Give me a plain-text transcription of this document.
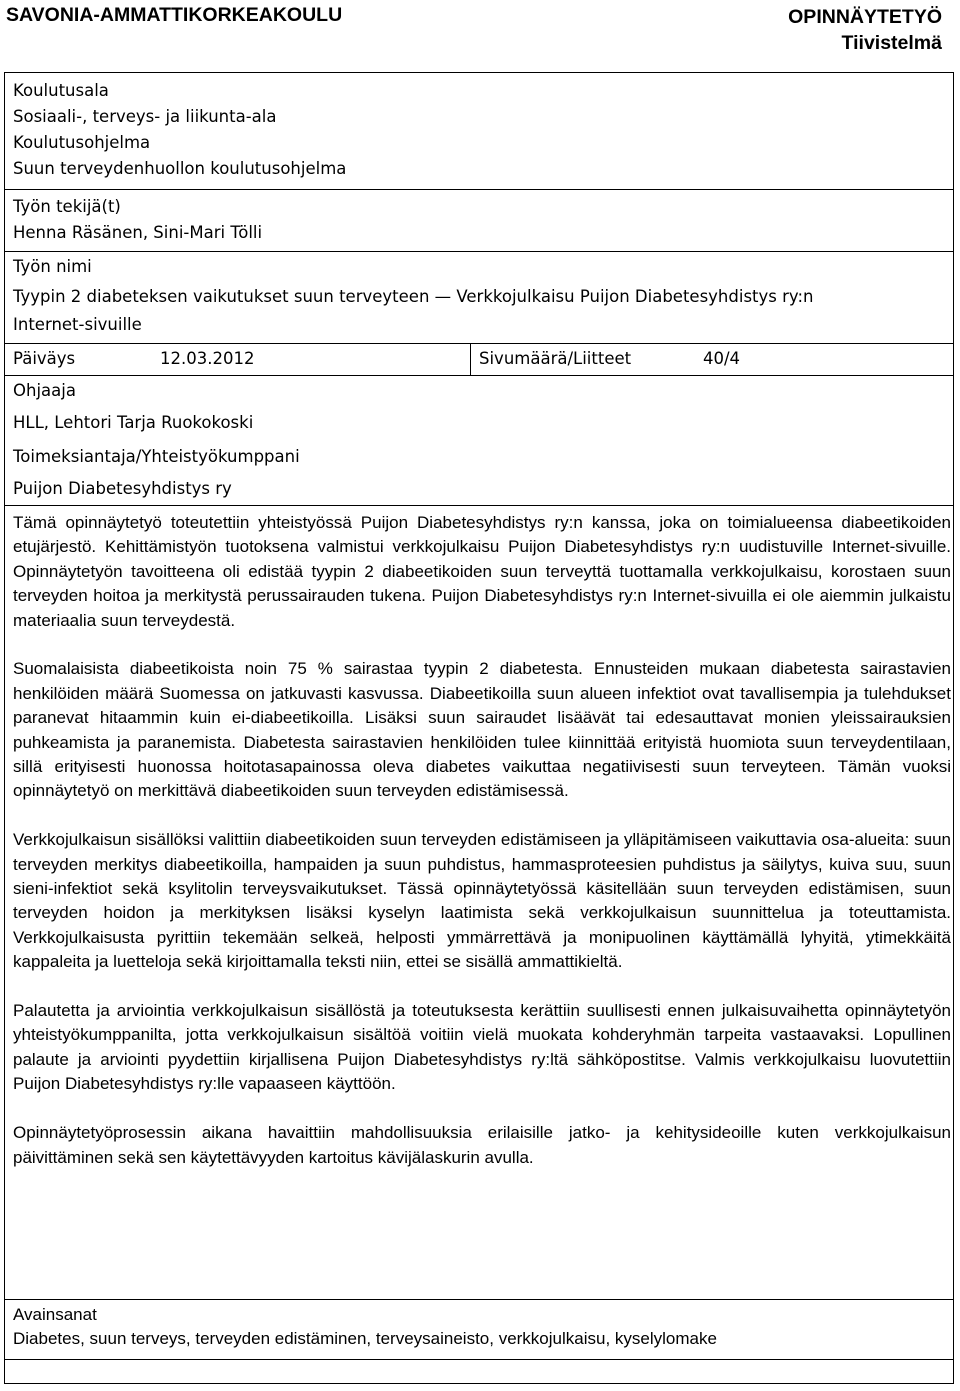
SAVONIA-AMMATTIKORKEAKOULU	OPINNÄYTETYÖ
Tiivistelmä
Koulutusala
Sosiaali-, terveys- ja liikunta-ala
Koulutusohjelma
Suun terveydenhuollon koulutusohjelma
Työn tekijä(t)
Henna Räsänen, Sini-Mari Tölli
Työn nimi
Tyypin 2 diabeteksen vaikutukset suun terveyteen — Verkkojulkaisu Puijon Diabetesyhdistys ry:n
Internet-sivuille
Päiväys	12.03.2012	Sivumäärä/Liitteet	40/4
Ohjaaja
HLL, Lehtori Tarja Ruokokoski
Toimeksiantaja/Yhteistyökumppani
Puijon Diabetesyhdistys ry

Tämä opinnäytetyö toteutettiin yhteistyössä Puijon Diabetesyhdistys ry:n kanssa, joka on toimialueensa diabeetikoiden etujärjestö. Kehittämistyön tuotoksena valmistui verkkojulkaisu Puijon Diabetesyhdistys ry:n uudistuville Internet-sivuille. Opinnäytetyön tavoitteena oli edistää tyypin 2 diabeetikoiden suun terveyttä tuottamalla verkkojulkaisu, korostaen suun terveyden hoitoa ja merkitystä perussairauden tukena. Puijon Diabetesyhdistys ry:n Internet-sivuilla ei ole aiemmin julkaistu materiaalia suun terveydestä.

Suomalaisista diabeetikoista noin 75 % sairastaa tyypin 2 diabetesta. Ennusteiden mukaan diabetesta sairastavien henkilöiden määrä Suomessa on jatkuvasti kasvussa. Diabeetikoilla suun alueen infektiot ovat tavallisempia ja tulehdukset paranevat hitaammin kuin ei-diabeetikoilla. Lisäksi suun sairaudet lisäävät tai edesauttavat monien yleissairauksien puhkeamista ja paranemista. Diabetesta sairastavien henkilöiden tulee kiinnittää erityistä huomiota suun terveydentilaan, sillä erityisesti huonossa hoitotasapainossa oleva diabetes vaikuttaa negatiivisesti suun terveyteen. Tämän vuoksi opinnäytetyö on merkittävä diabeetikoiden suun terveyden edistämisessä.

Verkkojulkaisun sisällöksi valittiin diabeetikoiden suun terveyden edistämiseen ja ylläpitämiseen vaikuttavia osa-alueita: suun terveyden merkitys diabeetikoilla, hampaiden ja suun puhdistus, hammasproteesien puhdistus ja säilytys, kuiva suu, suun sieni-infektiot sekä ksylitolin terveysvaikutukset. Tässä opinnäytetyössä käsitellään suun terveyden edistämisen, suun terveyden hoidon ja merkityksen lisäksi kyselyn laatimista sekä verkkojulkaisun suunnittelua ja toteuttamista. Verkkojulkaisusta pyrittiin tekemään selkeä, helposti ymmärrettävä ja monipuolinen käyttämällä lyhyitä, ytimekkäitä kappaleita ja luetteloja sekä kirjoittamalla teksti niin, ettei se sisällä ammattikieltä.

Palautetta ja arviointia verkkojulkaisun sisällöstä ja toteutuksesta kerättiin suullisesti ennen julkaisuvaihetta opinnäytetyön yhteistyökumppanilta, jotta verkkojulkaisun sisältöä voitiin vielä muokata kohderyhmän tarpeita vastaavaksi. Lopullinen palaute ja arviointi pyydettiin kirjallisena Puijon Diabetesyhdistys ry:ltä sähköpostitse. Valmis verkkojulkaisu luovutettiin Puijon Diabetesyhdistys ry:lle vapaaseen käyttöön.

Opinnäytetyöprosessin aikana havaittiin mahdollisuuksia erilaisille jatko- ja kehitysideoille kuten verkkojulkaisun päivittäminen sekä sen käytettävyyden kartoitus kävijälaskurin avulla.

Avainsanat
Diabetes, suun terveys, terveyden edistäminen, terveysaineisto, verkkojulkaisu, kyselylomake
